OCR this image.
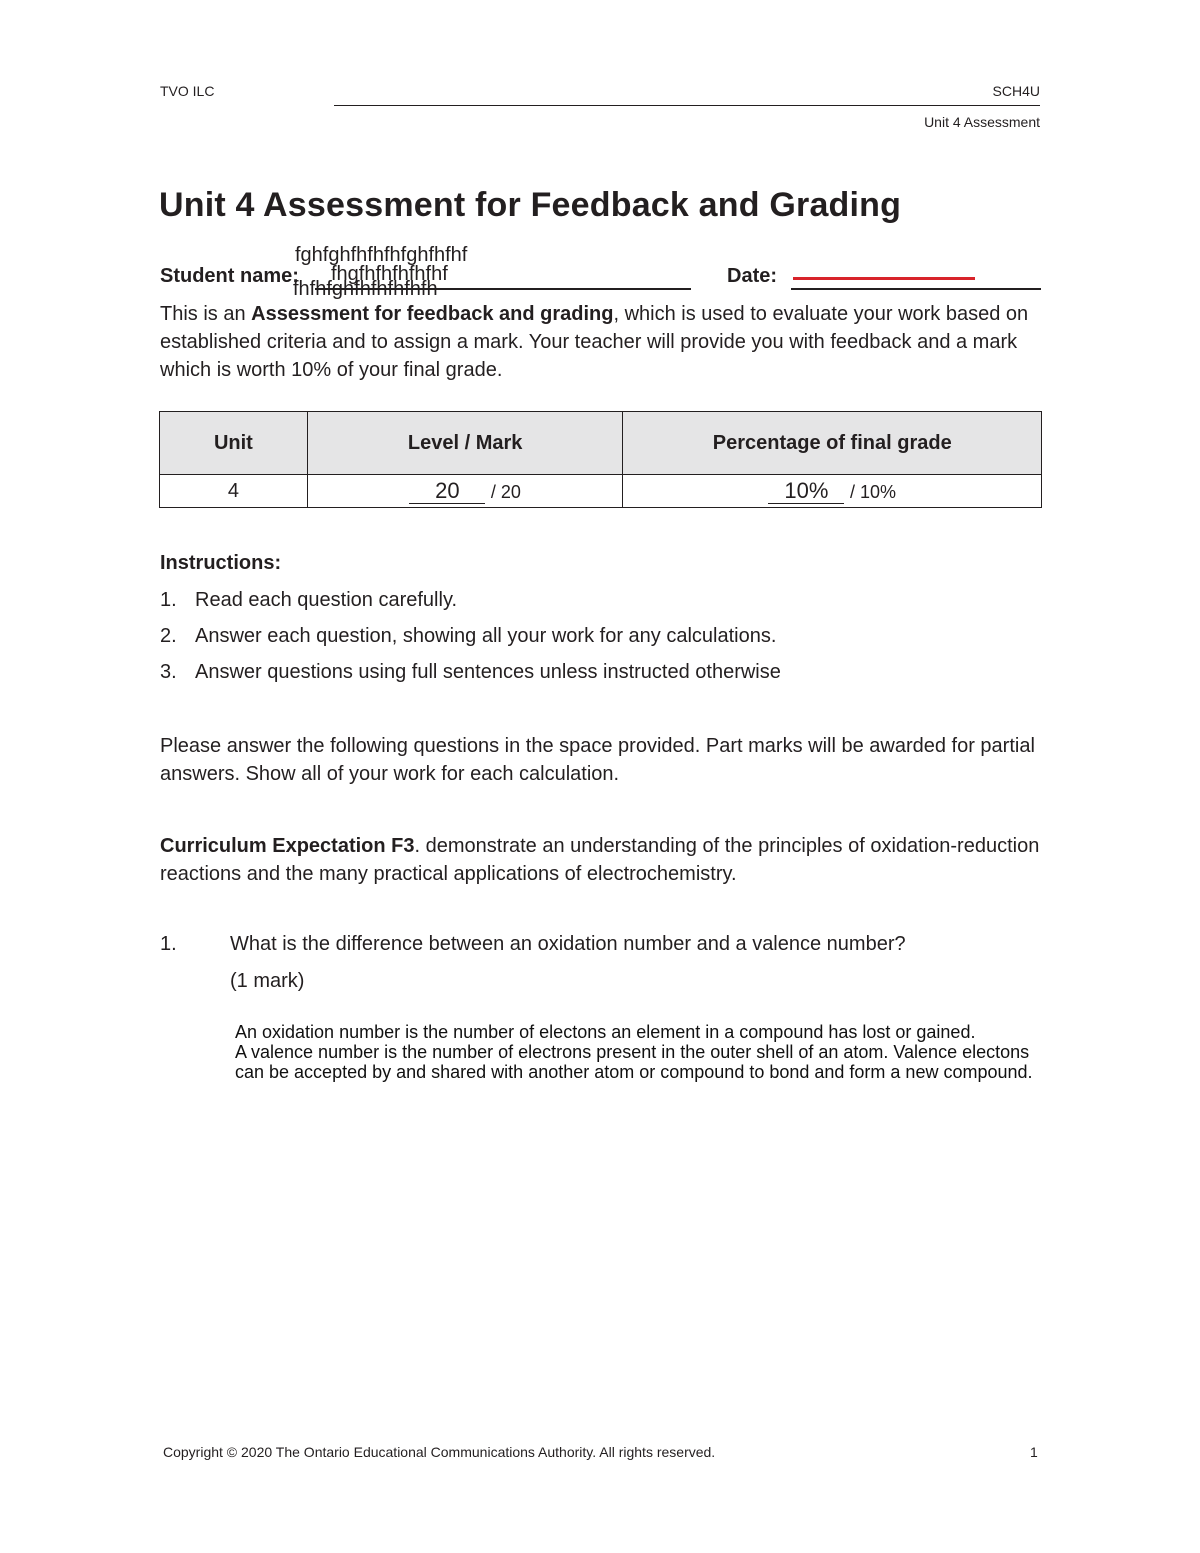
TVO ILC	SCH4U
Unit 4 Assessment
Unit 4 Assessment for Feedback and Grading
Student name:
fghfghfhfhfhfghfhfhf
fhgfhfhfhfhfhf
fhfhfghfhfhfhfhfh
Date:
This is an Assessment for feedback and grading, which is used to evaluate your work based on established criteria and to assign a mark. Your teacher will provide you with feedback and a mark which is worth 10% of your final grade.
Unit	Level / Mark	Percentage of final grade
4	20 / 20	10% / 10%
Instructions:
1. Read each question carefully.
2. Answer each question, showing all your work for any calculations.
3. Answer questions using full sentences unless instructed otherwise
Please answer the following questions in the space provided. Part marks will be awarded for partial answers. Show all of your work for each calculation.
Curriculum Expectation F3. demonstrate an understanding of the principles of oxidation-reduction reactions and the many practical applications of electrochemistry.
1.	What is the difference between an oxidation number and a valence number?
(1 mark)
An oxidation number is the number of electons an element in a compound has lost or gained.
A valence number is the number of electrons present in the outer shell of an atom. Valence electons
can be accepted by and shared with another atom or compound to bond and form a new compound.
Copyright © 2020 The Ontario Educational Communications Authority. All rights reserved.	1
